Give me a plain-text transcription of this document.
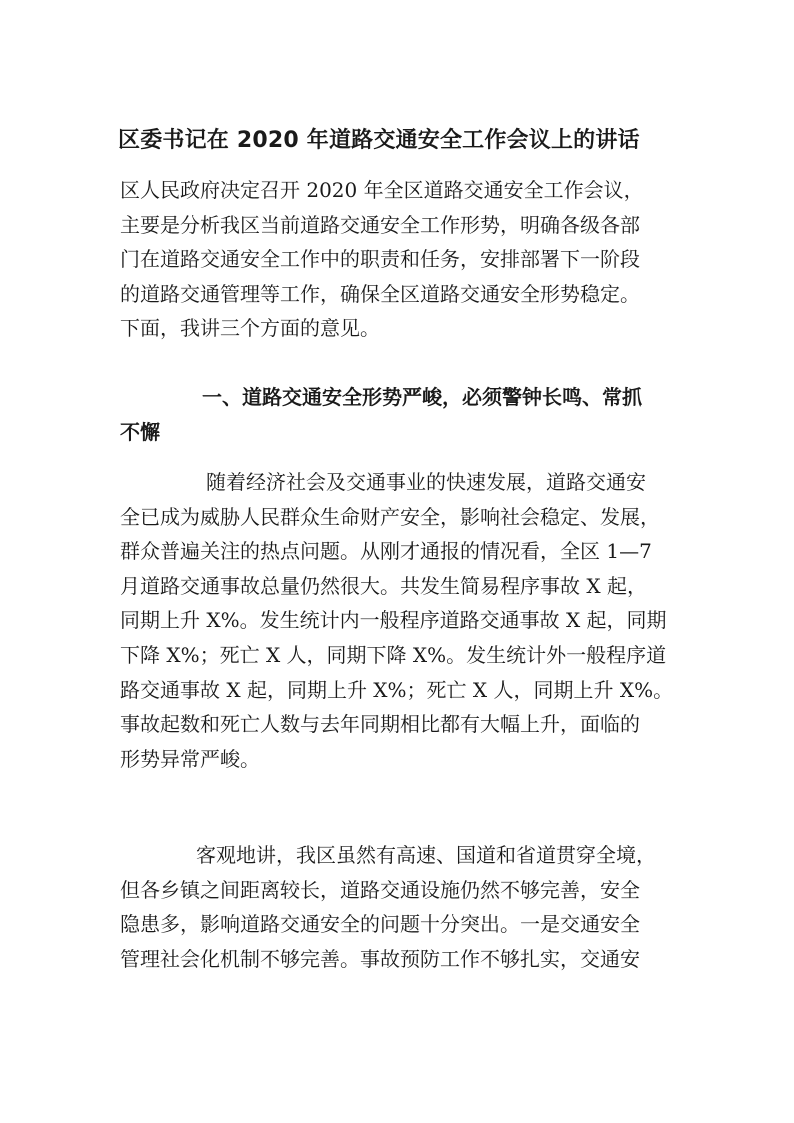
区委书记在 2020 年道路交通安全工作会议上的讲话
区人民政府决定召开 2020 年全区道路交通安全工作会议，
主要是分析我区当前道路交通安全工作形势，明确各级各部
门在道路交通安全工作中的职责和任务，安排部署下一阶段
的道路交通管理等工作，确保全区道路交通安全形势稳定。
下面，我讲三个方面的意见。
一、道路交通安全形势严峻，必须警钟长鸣、常抓
不懈
随着经济社会及交通事业的快速发展，道路交通安
全已成为威胁人民群众生命财产安全，影响社会稳定、发展，
群众普遍关注的热点问题。从刚才通报的情况看，全区 1—7
月道路交通事故总量仍然很大。共发生简易程序事故 X 起，
同期上升 X%。发生统计内一般程序道路交通事故 X 起，同期
下降 X%；死亡 X 人，同期下降 X%。发生统计外一般程序道
路交通事故 X 起，同期上升 X%；死亡 X 人，同期上升 X%。
事故起数和死亡人数与去年同期相比都有大幅上升，面临的
形势异常严峻。
客观地讲，我区虽然有高速、国道和省道贯穿全境，
但各乡镇之间距离较长，道路交通设施仍然不够完善，安全
隐患多，影响道路交通安全的问题十分突出。一是交通安全
管理社会化机制不够完善。事故预防工作不够扎实，交通安
